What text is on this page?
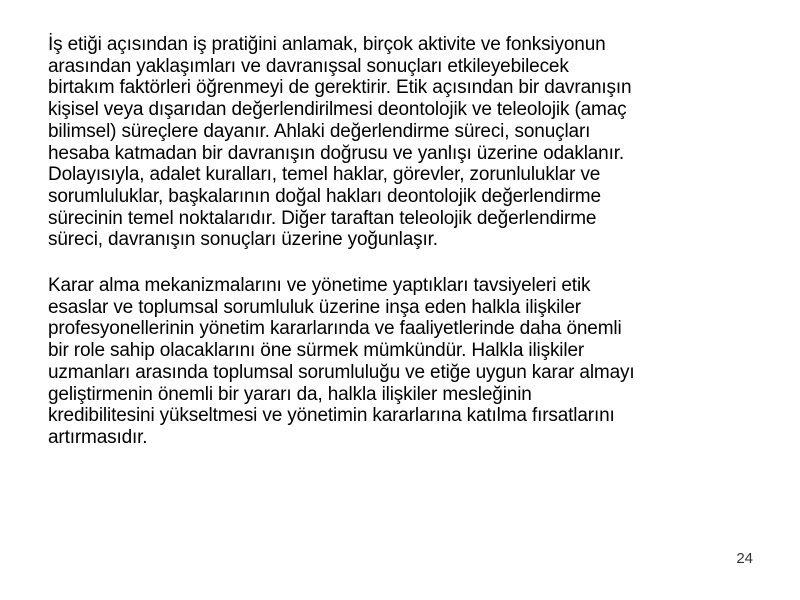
İş etiği açısından iş pratiğini anlamak, birçok aktivite ve fonksiyonun
arasından yaklaşımları ve davranışsal sonuçları etkileyebilecek
birtakım faktörleri öğrenmeyi de gerektirir. Etik açısından bir davranışın
kişisel veya dışarıdan değerlendirilmesi deontolojik ve teleolojik (amaç
bilimsel) süreçlere dayanır. Ahlaki değerlendirme süreci, sonuçları
hesaba katmadan bir davranışın doğrusu ve yanlışı üzerine odaklanır.
Dolayısıyla, adalet kuralları, temel haklar, görevler, zorunluluklar ve
sorumluluklar, başkalarının doğal hakları deontolojik değerlendirme
sürecinin temel noktalarıdır. Diğer taraftan teleolojik değerlendirme
süreci, davranışın sonuçları üzerine yoğunlaşır.

Karar alma mekanizmalarını ve yönetime yaptıkları tavsiyeleri etik
esaslar ve toplumsal sorumluluk üzerine inşa eden halkla ilişkiler
profesyonellerinin yönetim kararlarında ve faaliyetlerinde daha önemli
bir role sahip olacaklarını öne sürmek mümkündür. Halkla ilişkiler
uzmanları arasında toplumsal sorumluluğu ve etiğe uygun karar almayı
geliştirmenin önemli bir yararı da, halkla ilişkiler mesleğinin
kredibilitesini yükseltmesi ve yönetimin kararlarına katılma fırsatlarını
artırmasıdır.

24
